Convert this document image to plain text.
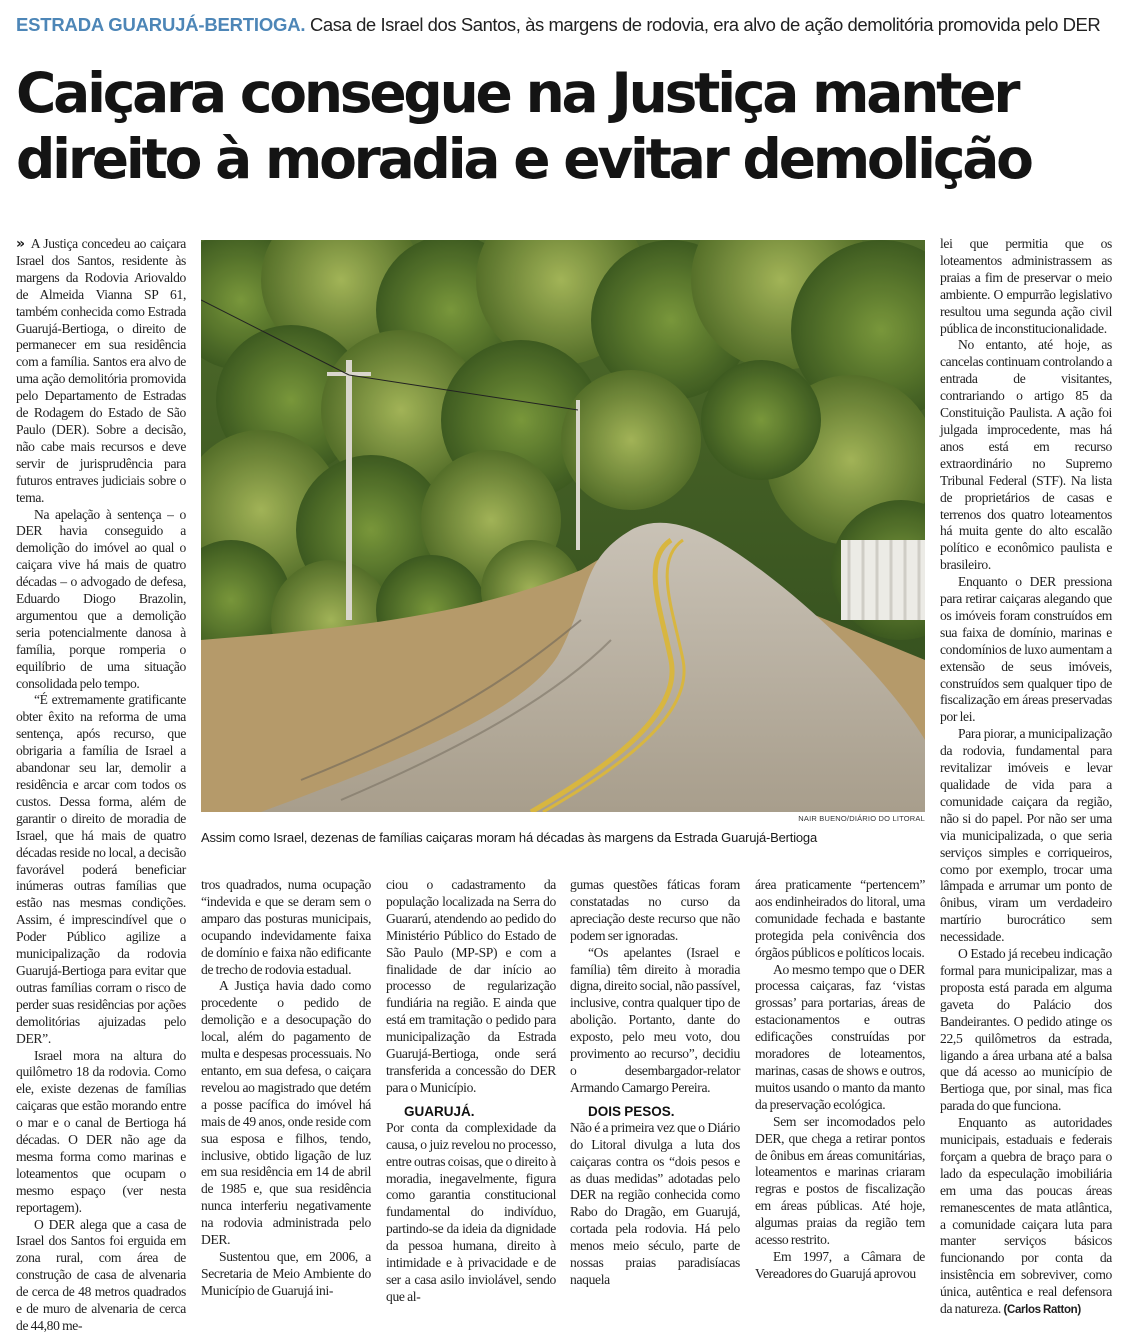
ESTRADA GUARUJÁ-BERTIOGA. Casa de Israel dos Santos, às margens de rodovia, era alvo de ação demolitória promovida pelo DER
Caiçara consegue na Justiça manter
direito à moradia e evitar demolição

» A Justiça concedeu ao caiçara Israel dos Santos, residente às margens da Rodovia Ariovaldo de Almeida Vianna SP 61, também conhecida como Estrada Guarujá-Bertioga, o direito de permanecer em sua residência com a família. Santos era alvo de uma ação demolitória promovida pelo Departamento de Estradas de Rodagem do Estado de São Paulo (DER). Sobre a decisão, não cabe mais recursos e deve servir de jurisprudência para futuros entraves judiciais sobre o tema.

Na apelação à sentença – o DER havia conseguido a demolição do imóvel ao qual o caiçara vive há mais de quatro décadas – o advogado de defesa, Eduardo Diogo Brazolin, argumentou que a demolição seria potencialmente danosa à família, porque romperia o equilíbrio de uma situação consolidada pelo tempo.

“É extremamente gratificante obter êxito na reforma de uma sentença, após recurso, que obrigaria a família de Israel a abandonar seu lar, demolir a residência e arcar com todos os custos. Dessa forma, além de garantir o direito de moradia de Israel, que há mais de quatro décadas reside no local, a decisão favorável poderá beneficiar inúmeras outras famílias que estão nas mesmas condições. Assim, é imprescindível que o Poder Público agilize a municipalização da rodovia Guarujá-Bertioga para evitar que outras famílias corram o risco de perder suas residências por ações demolitórias ajuizadas pelo DER”.

Israel mora na altura do quilômetro 18 da rodovia. Como ele, existe dezenas de famílias caiçaras que estão morando entre o mar e o canal de Bertioga há décadas. O DER não age da mesma forma como marinas e loteamentos que ocupam o mesmo espaço (ver nesta reportagem).

O DER alega que a casa de Israel dos Santos foi erguida em zona rural, com área de construção de casa de alvenaria de cerca de 48 metros quadrados e de muro de alvenaria de cerca de 44,80 me-

NAIR BUENO/DIÁRIO DO LITORAL
Assim como Israel, dezenas de famílias caiçaras moram há décadas às margens da Estrada Guarujá-Bertioga

tros quadrados, numa ocupação “indevida e que se deram sem o amparo das posturas municipais, ocupando indevidamente faixa de domínio e faixa não edificante de trecho de rodovia estadual.

A Justiça havia dado como procedente o pedido de demolição e a desocupação do local, além do pagamento de multa e despesas processuais. No entanto, em sua defesa, o caiçara revelou ao magistrado que detém a posse pacífica do imóvel há mais de 49 anos, onde reside com sua esposa e filhos, tendo, inclusive, obtido ligação de luz em sua residência em 14 de abril de 1985 e, que sua residência nunca interferiu negativamente na rodovia administrada pelo DER.

Sustentou que, em 2006, a Secretaria de Meio Ambiente do Município de Guarujá ini-

ciou o cadastramento da população localizada na Serra do Guararú, atendendo ao pedido do Ministério Público do Estado de São Paulo (MP-SP) e com a finalidade de dar início ao processo de regularização fundiária na região. E ainda que está em tramitação o pedido para municipalização da Estrada Guarujá-Bertioga, onde será transferida a concessão do DER para o Município.

GUARUJÁ.

Por conta da complexidade da causa, o juiz revelou no processo, entre outras coisas, que o direito à moradia, inegavelmente, figura como garantia constitucional fundamental do indivíduo, partindo-se da ideia da dignidade da pessoa humana, direito à intimidade e à privacidade e de ser a casa asilo inviolável, sendo que al-

gumas questões fáticas foram constatadas no curso da apreciação deste recurso que não podem ser ignoradas.

“Os apelantes (Israel e família) têm direito à moradia digna, direito social, não passível, inclusive, contra qualquer tipo de abolição. Portanto, dante do exposto, pelo meu voto, dou provimento ao recurso”, decidiu o desembargador-relator Armando Camargo Pereira.

DOIS PESOS.

Não é a primeira vez que o Diário do Litoral divulga a luta dos caiçaras contra os “dois pesos e as duas medidas” adotadas pelo DER na região conhecida como Rabo do Dragão, em Guarujá, cortada pela rodovia. Há pelo menos meio século, parte de nossas praias paradisíacas naquela

área praticamente “pertencem” aos endinheirados do litoral, uma comunidade fechada e bastante protegida pela conivência dos órgãos públicos e políticos locais.

Ao mesmo tempo que o DER processa caiçaras, faz ‘vistas grossas’ para portarias, áreas de estacionamentos e outras edificações construídas por moradores de loteamentos, marinas, casas de shows e outros, muitos usando o manto da manto da preservação ecológica.

Sem ser incomodados pelo DER, que chega a retirar pontos de ônibus em áreas comunitárias, loteamentos e marinas criaram regras e postos de fiscalização em áreas públicas. Até hoje, algumas praias da região tem acesso restrito.

Em 1997, a Câmara de Vereadores do Guarujá aprovou

lei que permitia que os loteamentos administrassem as praias a fim de preservar o meio ambiente. O empurrão legislativo resultou uma segunda ação civil pública de inconstitucionalidade.

No entanto, até hoje, as cancelas continuam controlando a entrada de visitantes, contrariando o artigo 85 da Constituição Paulista. A ação foi julgada improcedente, mas há anos está em recurso extraordinário no Supremo Tribunal Federal (STF). Na lista de proprietários de casas e terrenos dos quatro loteamentos há muita gente do alto escalão político e econômico paulista e brasileiro.

Enquanto o DER pressiona para retirar caiçaras alegando que os imóveis foram construídos em sua faixa de domínio, marinas e condomínios de luxo aumentam a extensão de seus imóveis, construídos sem qualquer tipo de fiscalização em áreas preservadas por lei.

Para piorar, a municipalização da rodovia, fundamental para revitalizar imóveis e levar qualidade de vida para a comunidade caiçara da região, não si do papel. Por não ser uma via municipalizada, o que seria serviços simples e corriqueiros, como por exemplo, trocar uma lâmpada e arrumar um ponto de ônibus, viram um verdadeiro martírio burocrático sem necessidade.

O Estado já recebeu indicação formal para municipalizar, mas a proposta está parada em alguma gaveta do Palácio dos Bandeirantes. O pedido atinge os 22,5 quilômetros da estrada, ligando a área urbana até a balsa que dá acesso ao município de Bertioga que, por sinal, mas fica parada do que funciona.

Enquanto as autoridades municipais, estaduais e federais forçam a quebra de braço para o lado da especulação imobiliária em uma das poucas áreas remanescentes de mata atlântica, a comunidade caiçara luta para manter serviços básicos funcionando por conta da insistência em sobreviver, como única, autêntica e real defensora da natureza. (Carlos Ratton)
